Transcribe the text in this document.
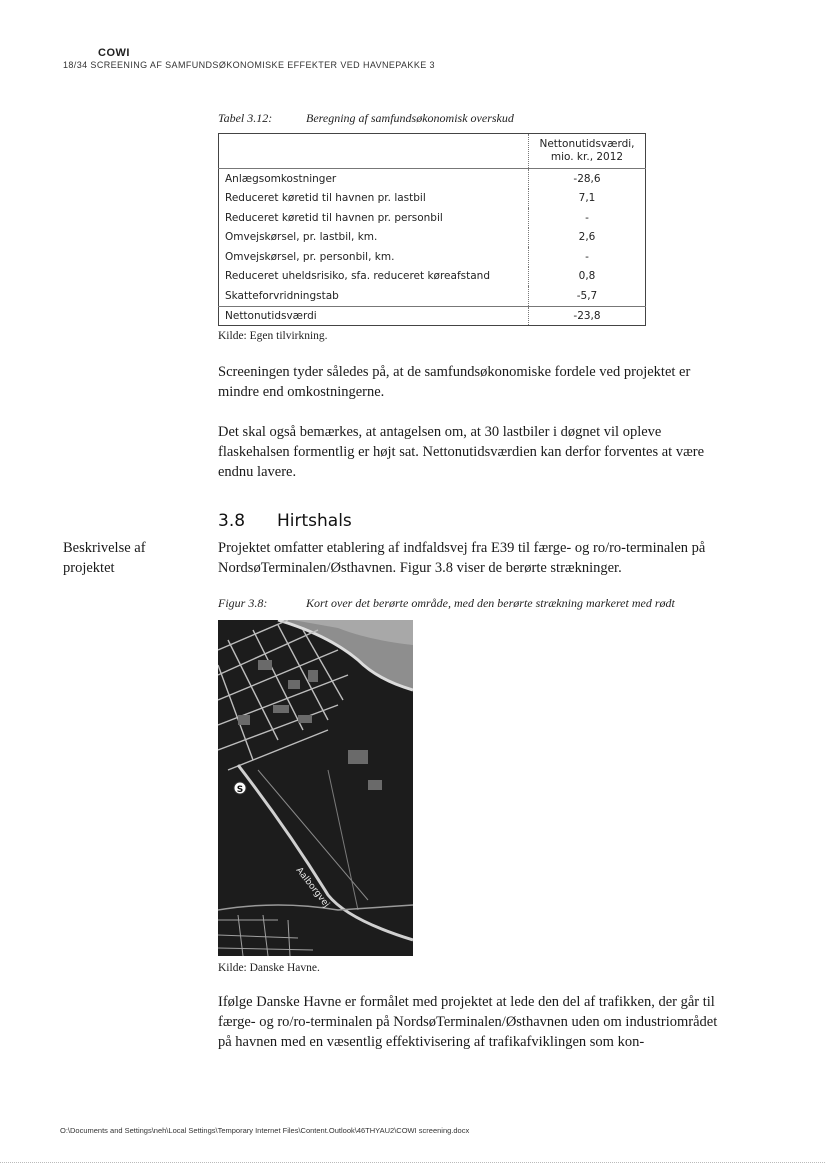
COWI
18/34 SCREENING AF SAMFUNDSØKONOMISKE EFFEKTER VED HAVNEPAKKE 3
Tabel 3.12:	Beregning af samfundsøkonomisk overskud
	Nettonutidsværdi,
mio. kr., 2012
Anlægsomkostninger	-28,6
Reduceret køretid til havnen pr. lastbil	7,1
Reduceret køretid til havnen pr. personbil	-
Omvejskørsel, pr. lastbil, km.	2,6
Omvejskørsel, pr. personbil, km.	-
Reduceret uheldsrisiko, sfa. reduceret køreafstand	0,8
Skatteforvridningstab	-5,7
Nettonutidsværdi	-23,8
Kilde: Egen tilvirkning.
Screeningen tyder således på, at de samfundsøkonomiske fordele ved projektet er mindre end omkostningerne.
Det skal også bemærkes, at antagelsen om, at 30 lastbiler i døgnet vil opleve flaskehalsen formentlig er højt sat. Nettonutidsværdien kan derfor forventes at være endnu lavere.
3.8 Hirtshals
Beskrivelse af projektet
Projektet omfatter etablering af indfaldsvej fra E39 til færge- og ro/ro-terminalen på NordsøTerminalen/Østhavnen. Figur 3.8 viser de berørte strækninger.
Figur 3.8:	Kort over det berørte område, med den berørte strækning markeret med rødt
S
Aalborgvej
Kilde: Danske Havne.
Ifølge Danske Havne er formålet med projektet at lede den del af trafikken, der går til færge- og ro/ro-terminalen på NordsøTerminalen/Østhavnen uden om industriområdet på havnen med en væsentlig effektivisering af trafikafviklingen som kon-
O:\Documents and Settings\neh\Local Settings\Temporary Internet Files\Content.Outlook\46THYAU2\COWI screening.docx
